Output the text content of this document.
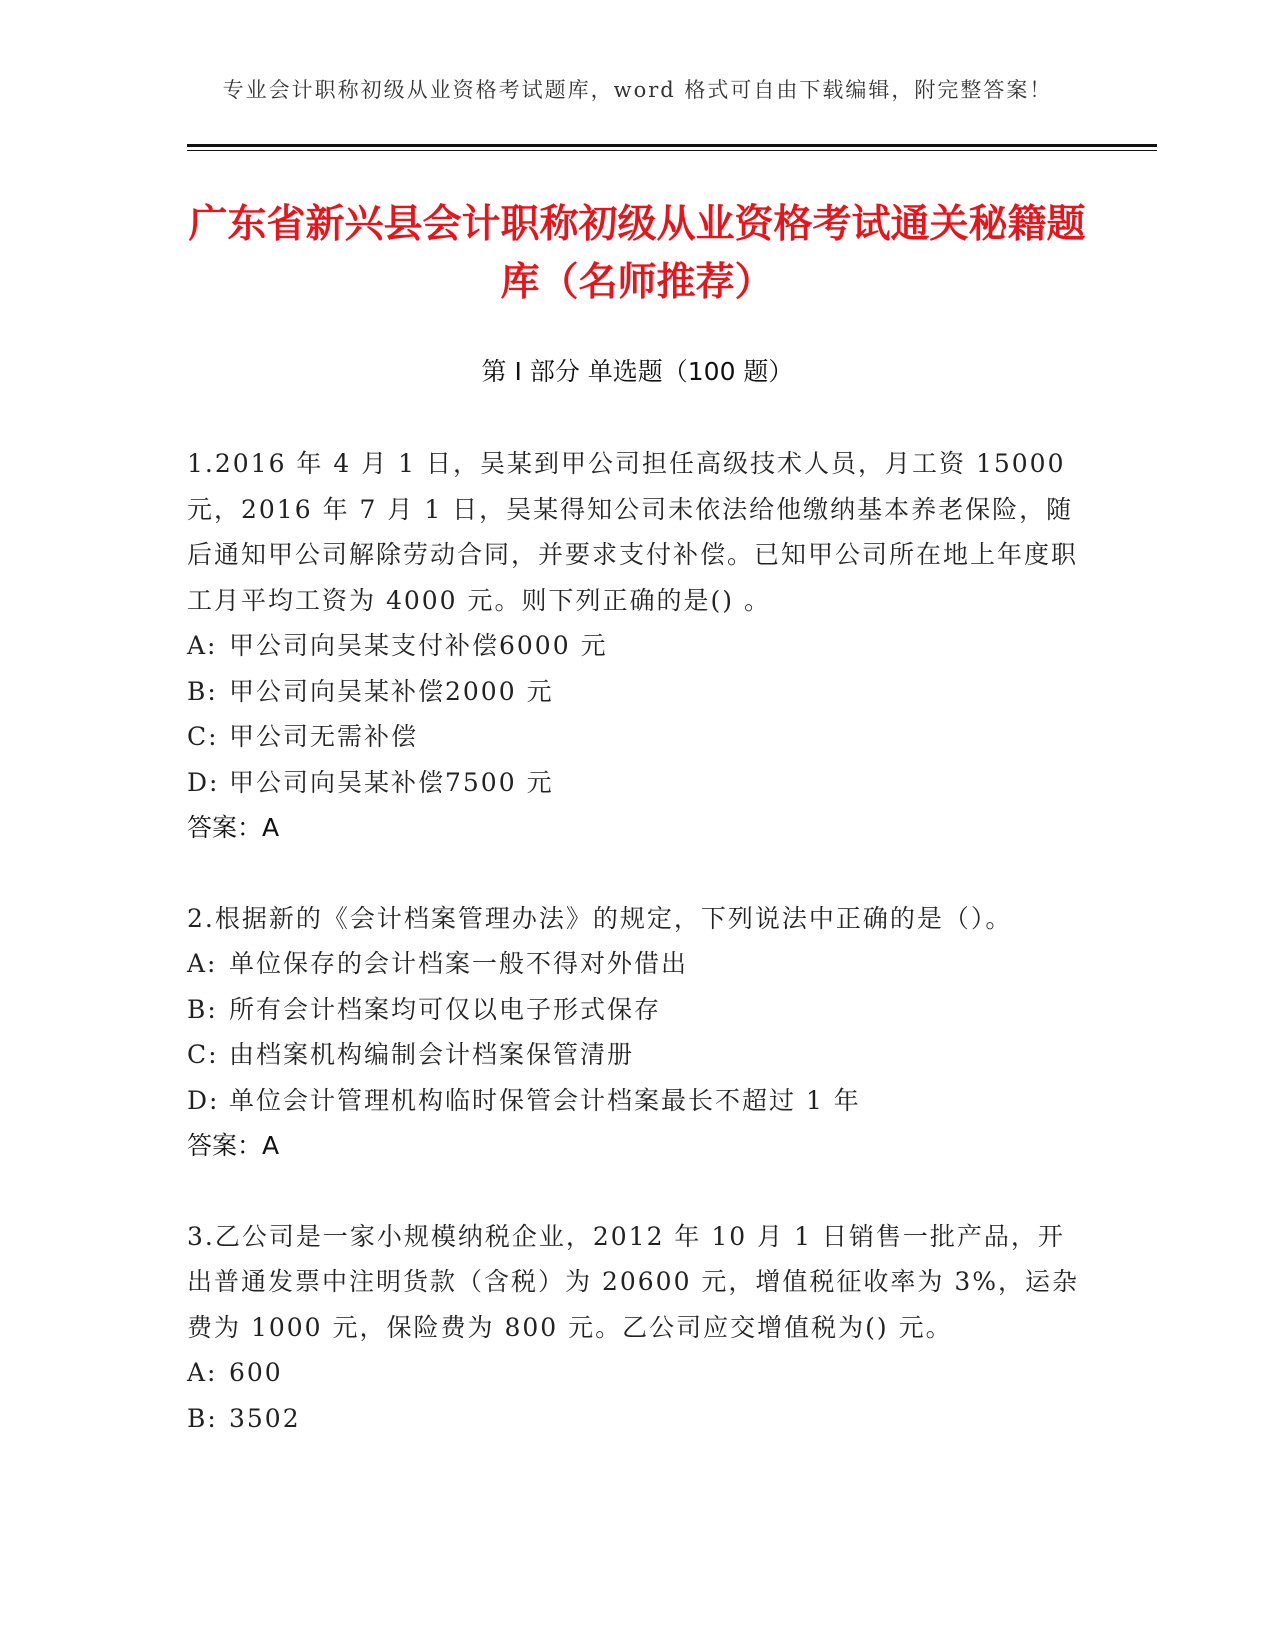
专业会计职称初级从业资格考试题库，word 格式可自由下载编辑，附完整答案！
广东省新兴县会计职称初级从业资格考试通关秘籍题库（名师推荐）
第 I 部分 单选题（100 题）

1.2016 年 4 月 1 日，吴某到甲公司担任高级技术人员，月工资 15000 元，2016 年 7 月 1 日，吴某得知公司未依法给他缴纳基本养老保险，随后通知甲公司解除劳动合同，并要求支付补偿。已知甲公司所在地上年度职工月平均工资为 4000 元。则下列正确的是() 。

A: 甲公司向吴某支付补偿6000 元
B: 甲公司向吴某补偿2000 元
C: 甲公司无需补偿
D: 甲公司向吴某补偿7500 元
答案：A

2.根据新的《会计档案管理办法》的规定，下列说法中正确的是（）。

A: 单位保存的会计档案一般不得对外借出
B: 所有会计档案均可仅以电子形式保存
C: 由档案机构编制会计档案保管清册
D: 单位会计管理机构临时保管会计档案最长不超过 1 年
答案：A

3.乙公司是一家小规模纳税企业，2012 年 10 月 1 日销售一批产品，开出普通发票中注明货款（含税）为 20600 元，增值税征收率为 3%，运杂费为 1000 元，保险费为 800 元。乙公司应交增值税为() 元。

A: 600
B: 3502
